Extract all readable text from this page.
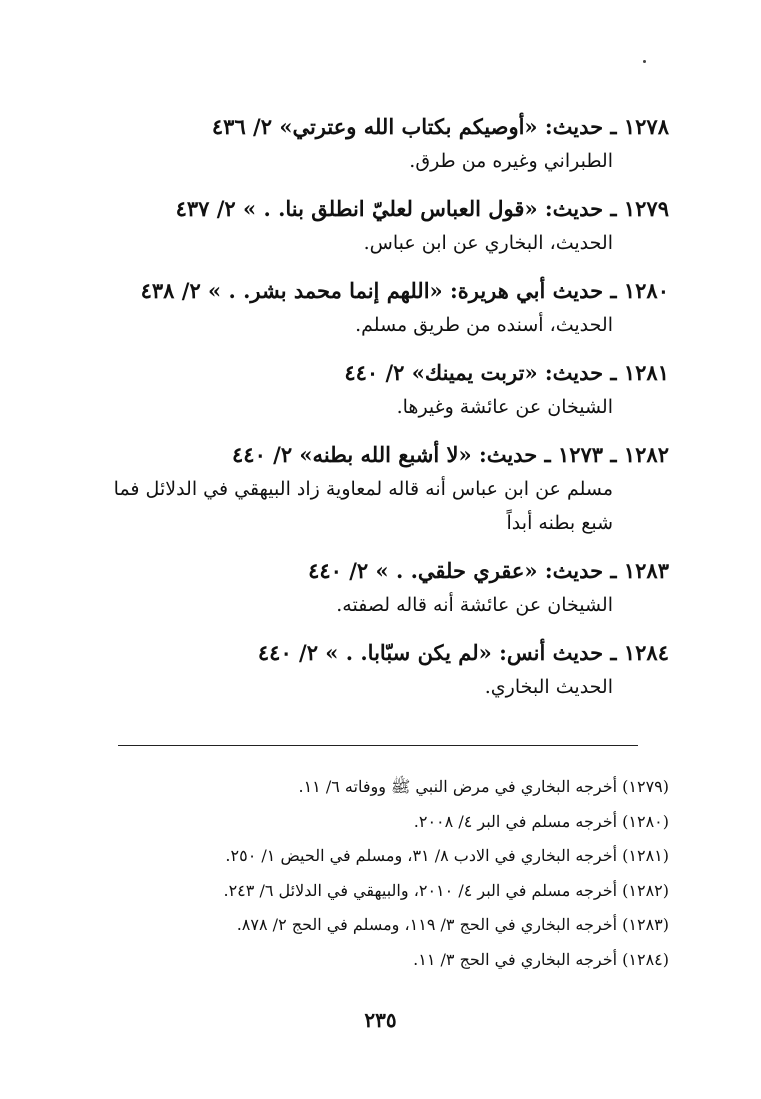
١٢٧٨ ـ حديث: «أوصيكم بكتاب الله وعترتي» ٢/ ٤٣٦
الطبراني وغيره من طرق.
١٢٧٩ ـ حديث: «قول العباس لعليّ انطلق بنا. . » ٢/ ٤٣٧
الحديث، البخاري عن ابن عباس.
١٢٨٠ ـ حديث أبي هريرة: «اللهم إنما محمد بشر. . » ٢/ ٤٣٨
الحديث، أسنده من طريق مسلم.
١٢٨١ ـ حديث: «تربت يمينك» ٢/ ٤٤٠
الشيخان عن عائشة وغيرها.
١٢٨٢ ـ ١٢٧٣ ـ حديث: «لا أشبع الله بطنه» ٢/ ٤٤٠
مسلم عن ابن عباس أنه قاله لمعاوية زاد البيهقي في الدلائل فما شبع بطنه أبداً
١٢٨٣ ـ حديث: «عقري حلقي. . » ٢/ ٤٤٠
الشيخان عن عائشة أنه قاله لصفته.
١٢٨٤ ـ حديث أنس: «لم يكن سبّابا. . » ٢/ ٤٤٠
الحديث البخاري.
(١٢٧٩) أخرجه البخاري في مرض النبي ﷺ ووفاته ٦/ ١١.
(١٢٨٠) أخرجه مسلم في البر ٤/ ٢٠٠٨.
(١٢٨١) أخرجه البخاري في الادب ٨/ ٣١، ومسلم في الحيض ١/ ٢٥٠.
(١٢٨٢) أخرجه مسلم في البر ٤/ ٢٠١٠، والبيهقي في الدلائل ٦/ ٢٤٣.
(١٢٨٣) أخرجه البخاري في الحج ٣/ ١١٩، ومسلم في الحج ٢/ ٨٧٨.
(١٢٨٤) أخرجه البخاري في الحج ٣/ ١١.
٢٣٥
